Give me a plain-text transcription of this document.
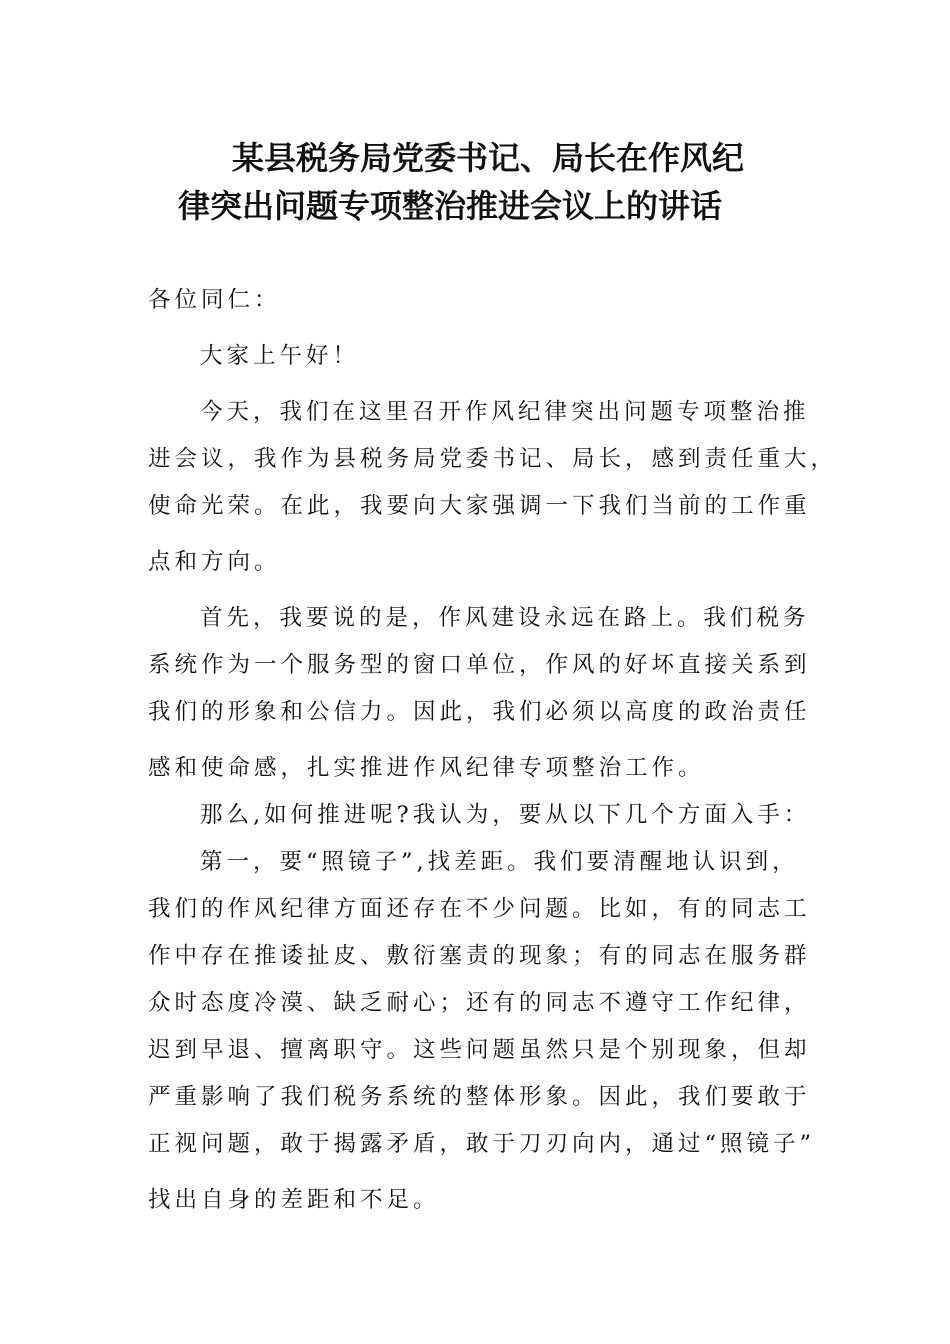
某县税务局党委书记、局长在作风纪
律突出问题专项整治推进会议上的讲话

各位同仁：

大家上午好！

今天，我们在这里召开作风纪律突出问题专项整治推

进会议，我作为县税务局党委书记、局长，感到责任重大，

使命光荣。在此，我要向大家强调一下我们当前的工作重

点和方向。

首先，我要说的是，作风建设永远在路上。我们税务

系统作为一个服务型的窗口单位，作风的好坏直接关系到

我们的形象和公信力。因此，我们必须以高度的政治责任

感和使命感，扎实推进作风纪律专项整治工作。

那么,如何推进呢?我认为，要从以下几个方面入手：

第一，要“照镜子”,找差距。我们要清醒地认识到，

我们的作风纪律方面还存在不少问题。比如，有的同志工

作中存在推诿扯皮、敷衍塞责的现象；有的同志在服务群

众时态度冷漠、缺乏耐心；还有的同志不遵守工作纪律，

迟到早退、擅离职守。这些问题虽然只是个别现象，但却

严重影响了我们税务系统的整体形象。因此，我们要敢于

正视问题，敢于揭露矛盾，敢于刀刃向内，通过“照镜子”

找出自身的差距和不足。
